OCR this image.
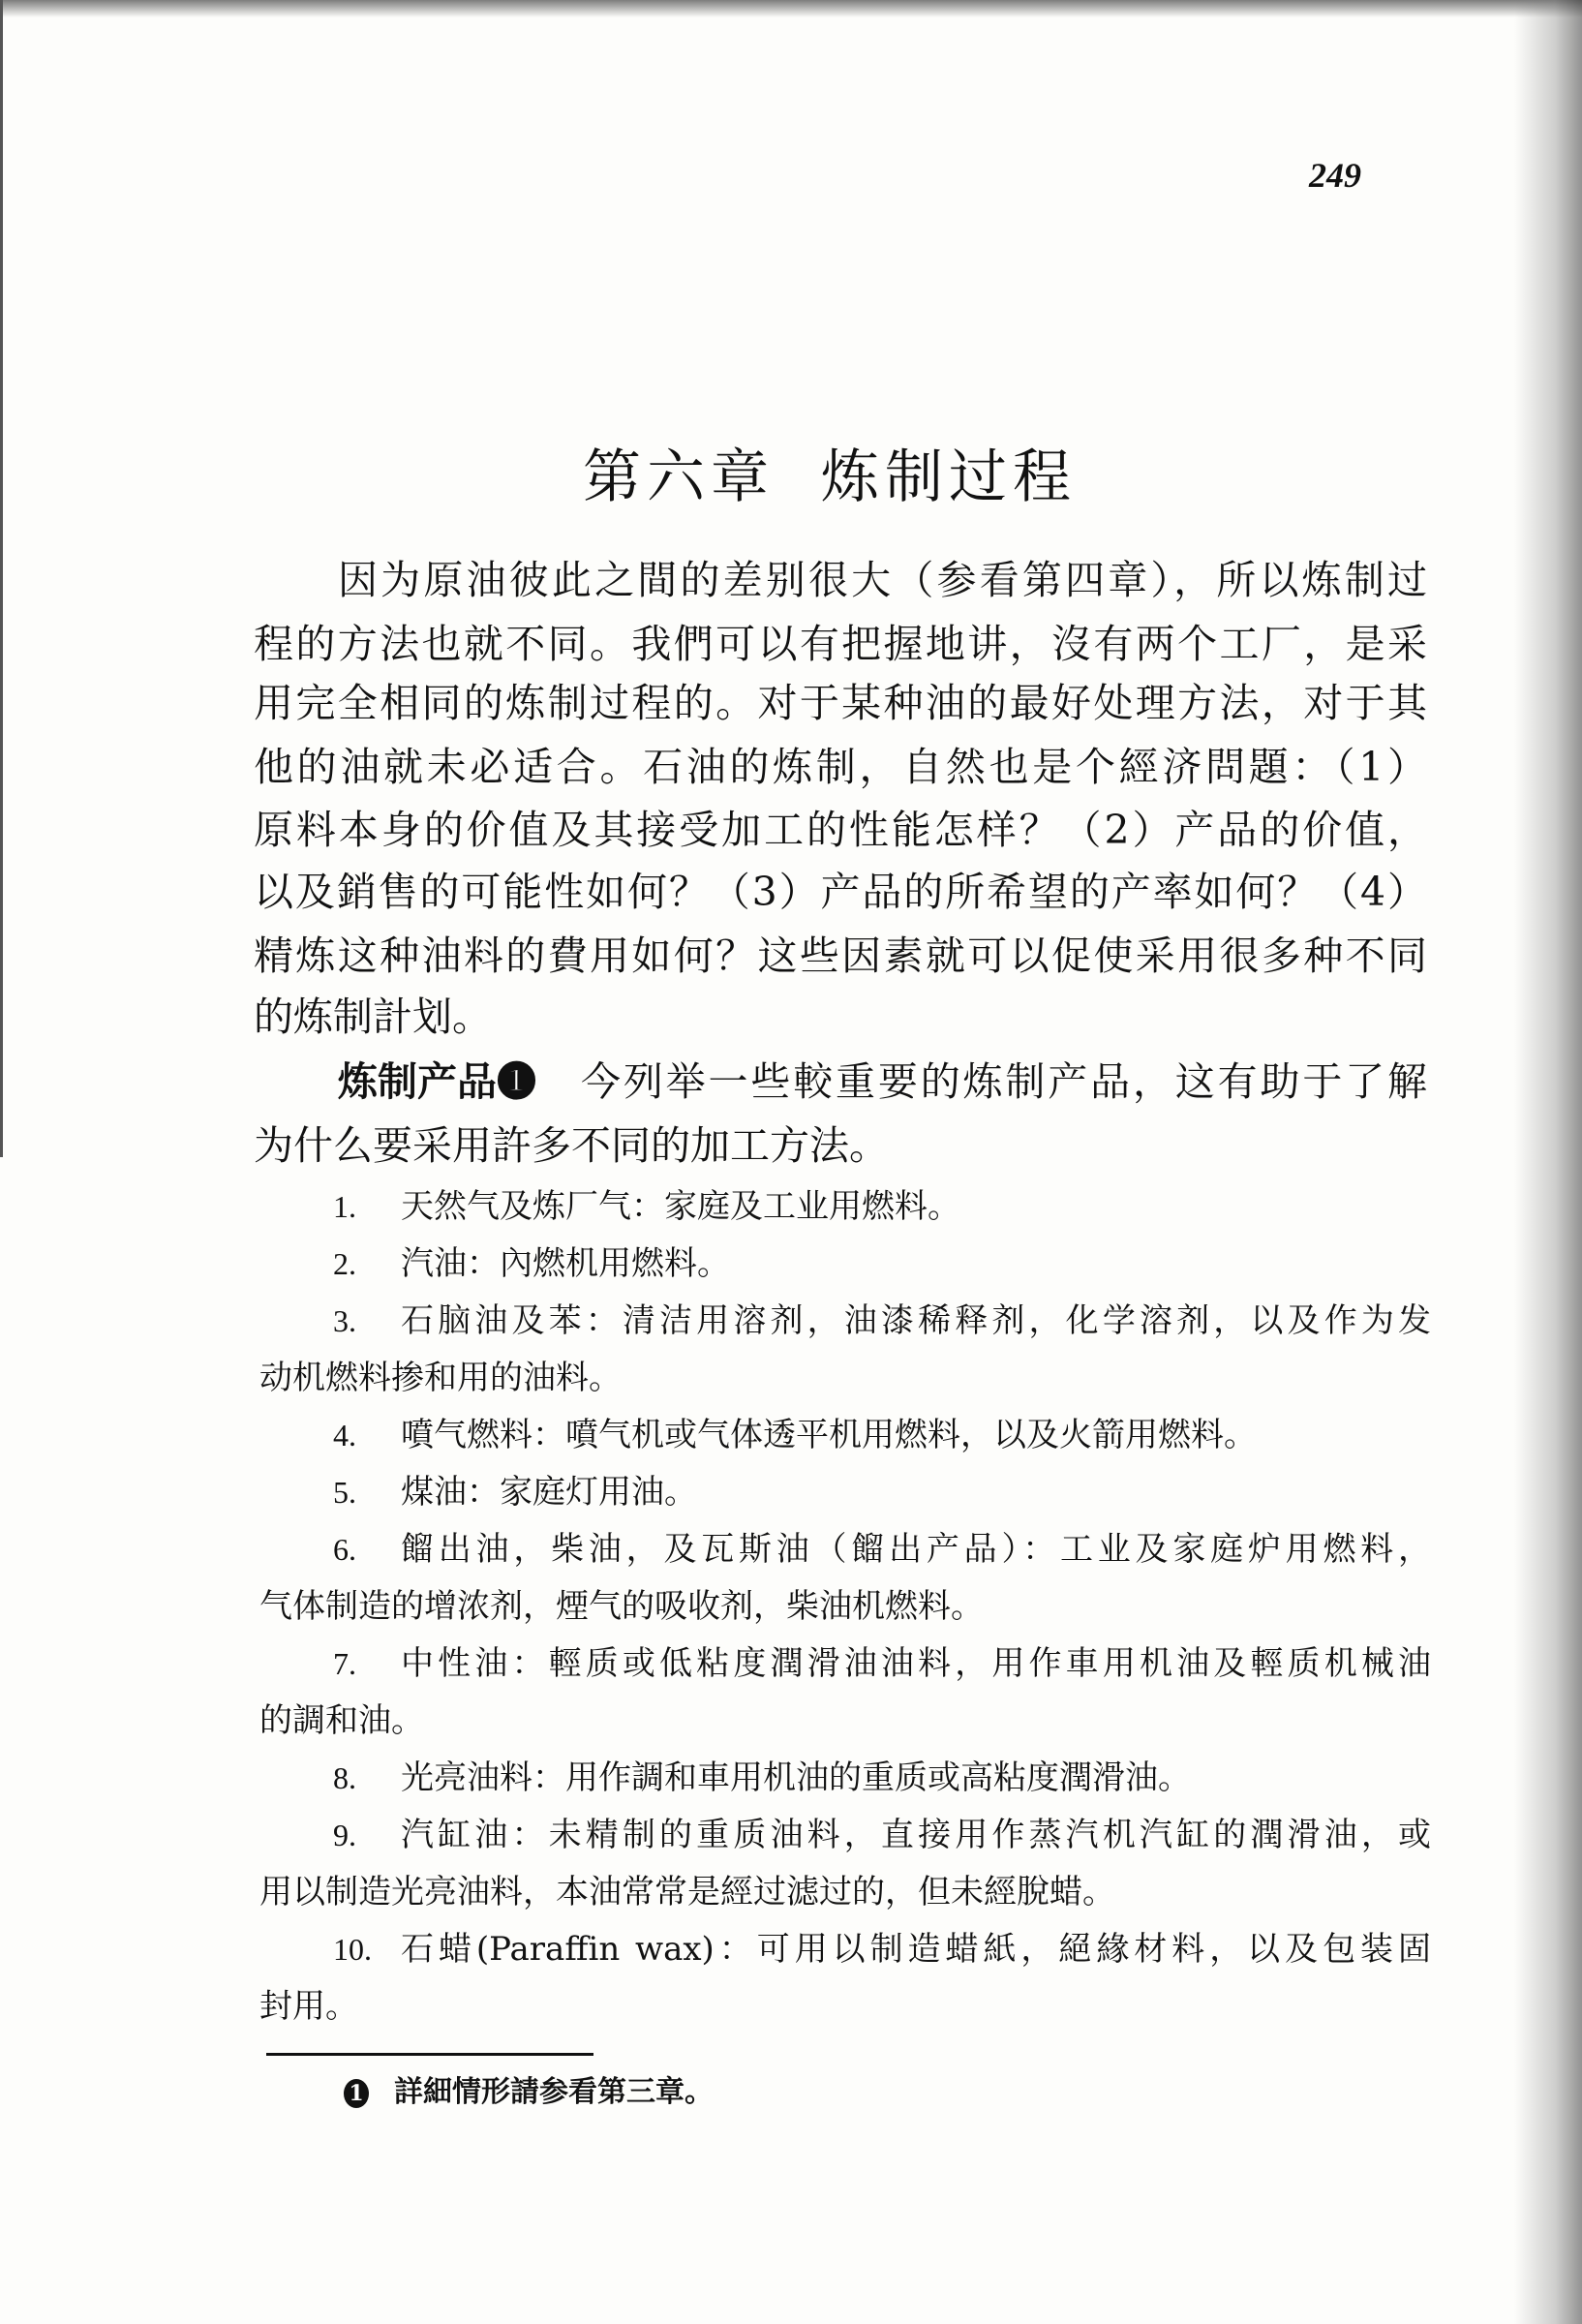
249
第六章 炼制过程
因为原油彼此之間的差别很大（参看第四章），所以炼制过
程的方法也就不同。我們可以有把握地讲，沒有两个工厂，是采
用完全相同的炼制过程的。对于某种油的最好处理方法，对于其
他的油就未必适合。石油的炼制，自然也是个經济問題：（1）
原料本身的价值及其接受加工的性能怎样？（2）产品的价值，
以及銷售的可能性如何？（3）产品的所希望的产率如何？（4）
精炼这种油料的費用如何？这些因素就可以促使采用很多种不同
的炼制計划。
炼制产品❶ 今列举一些較重要的炼制产品，这有助于了解
为什么要采用許多不同的加工方法。
1. 天然气及炼厂气：家庭及工业用燃料。
2. 汽油：內燃机用燃料。
3. 石脑油及苯：清洁用溶剂，油漆稀释剂，化学溶剂，以及作为发
动机燃料掺和用的油料。
4. 噴气燃料：噴气机或气体透平机用燃料，以及火箭用燃料。
5. 煤油：家庭灯用油。
6. 餾出油，柴油，及瓦斯油（餾出产品）：工业及家庭炉用燃料，
气体制造的增浓剂，煙气的吸收剂，柴油机燃料。
7. 中性油：輕质或低粘度潤滑油油料，用作車用机油及輕质机械油
的調和油。
8. 光亮油料：用作調和車用机油的重质或高粘度潤滑油。
9. 汽缸油：未精制的重质油料，直接用作蒸汽机汽缸的潤滑油，或
用以制造光亮油料，本油常常是經过滤过的，但未經脫蜡。
10. 石蜡(Paraffin wax)：可用以制造蜡紙，絕緣材料，以及包装固
封用。
1 詳細情形請参看第三章。
